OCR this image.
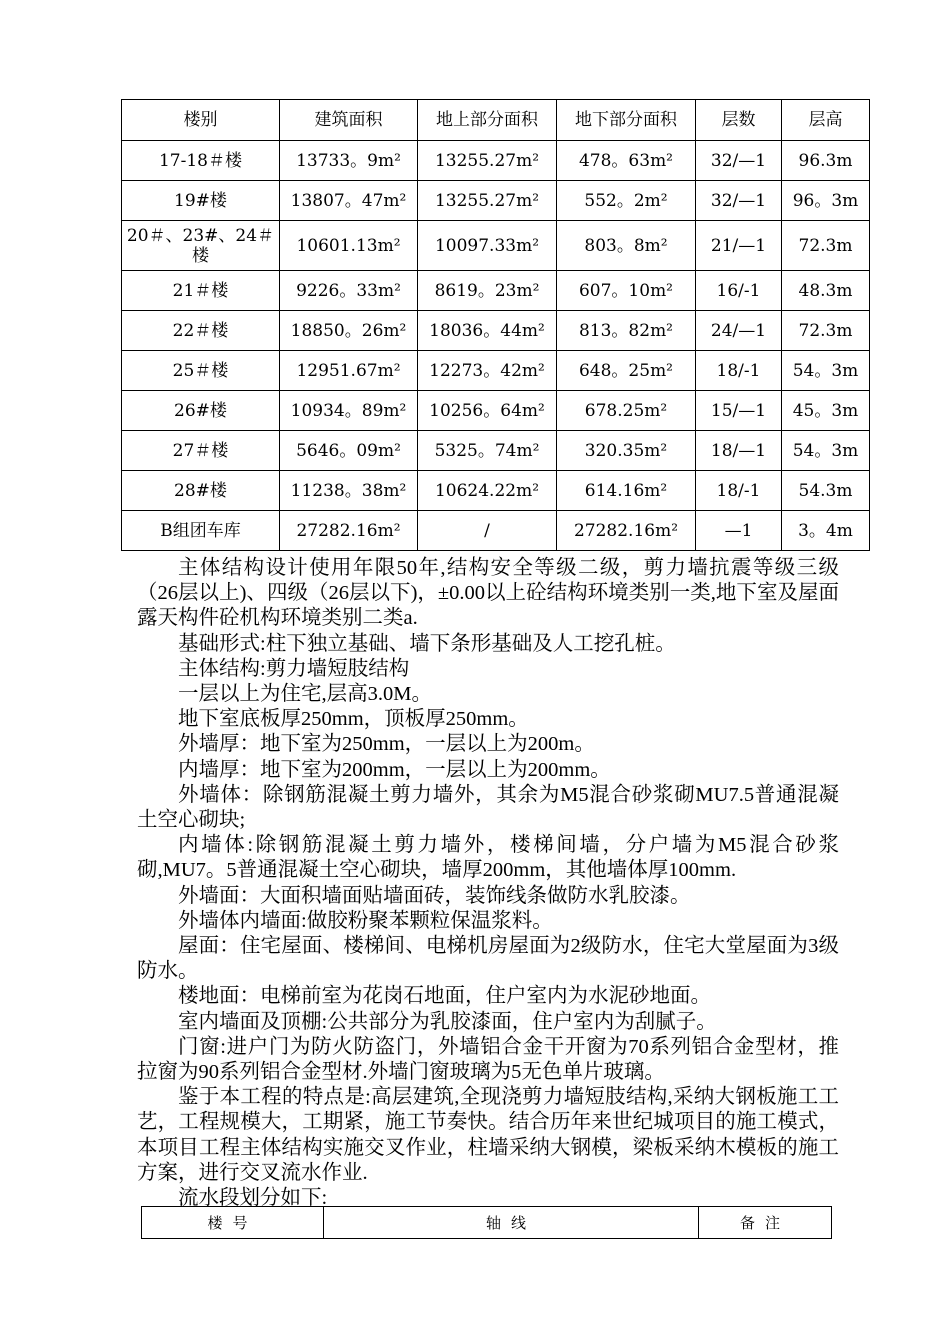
楼别	建筑面积	地上部分面积	地下部分面积	层数	层高
17-18＃楼	13733。9m²	13255.27m²	478。63m²	32/—1	96.3m
19#楼	13807。47m²	13255.27m²	552。2m²	32/—1	96。3m
20＃、23#、24＃楼	10601.13m²	10097.33m²	803。8m²	21/—1	72.3m
21＃楼	9226。33m²	8619。23m²	607。10m²	16/-1	48.3m
22＃楼	18850。26m²	18036。44m²	813。82m²	24/—1	72.3m
25＃楼	12951.67m²	12273。42m²	648。25m²	18/-1	54。3m
26#楼	10934。89m²	10256。64m²	678.25m²	15/—1	45。3m
27＃楼	5646。09m²	5325。74m²	320.35m²	18/—1	54。3m
28#楼	11238。38m²	10624.22m²	614.16m²	18/-1	54.3m
B组团车库	27282.16m²	/	27282.16m²	—1	3。4m

主体结构设计使用年限50年,结构安全等级二级，剪力墙抗震等级三级（26层以上)、四级（26层以下)，±0.00以上砼结构环境类别一类,地下室及屋面露天构件砼机构环境类别二类a.

基础形式:柱下独立基础、墙下条形基础及人工挖孔桩。

主体结构:剪力墙短肢结构

一层以上为住宅,层高3.0M。

地下室底板厚250mm，顶板厚250mm。

外墙厚：地下室为250mm，一层以上为200m。

内墙厚：地下室为200mm，一层以上为200mm。

外墙体：除钢筋混凝土剪力墙外，其余为M5混合砂浆砌MU7.5普通混凝土空心砌块;

内墙体:除钢筋混凝土剪力墙外，楼梯间墙，分户墙为M5混合砂浆砌,MU7。5普通混凝土空心砌块，墙厚200mm，其他墙体厚100mm.

外墙面：大面积墙面贴墙面砖，装饰线条做防水乳胶漆。

外墙体内墙面:做胶粉聚苯颗粒保温浆料。

屋面：住宅屋面、楼梯间、电梯机房屋面为2级防水，住宅大堂屋面为3级防水。

楼地面：电梯前室为花岗石地面，住户室内为水泥砂地面。

室内墙面及顶棚:公共部分为乳胶漆面，住户室内为刮腻子。

门窗:进户门为防火防盗门，外墙铝合金干开窗为70系列铝合金型材，推拉窗为90系列铝合金型材.外墙门窗玻璃为5无色单片玻璃。

鉴于本工程的特点是:高层建筑,全现浇剪力墙短肢结构,采纳大钢板施工工艺，工程规模大，工期紧，施工节奏快。结合历年来世纪城项目的施工模式，本项目工程主体结构实施交叉作业，柱墙采纳大钢模，梁板采纳木模板的施工方案，进行交叉流水作业.

流水段划分如下:

楼号	轴线	备注
